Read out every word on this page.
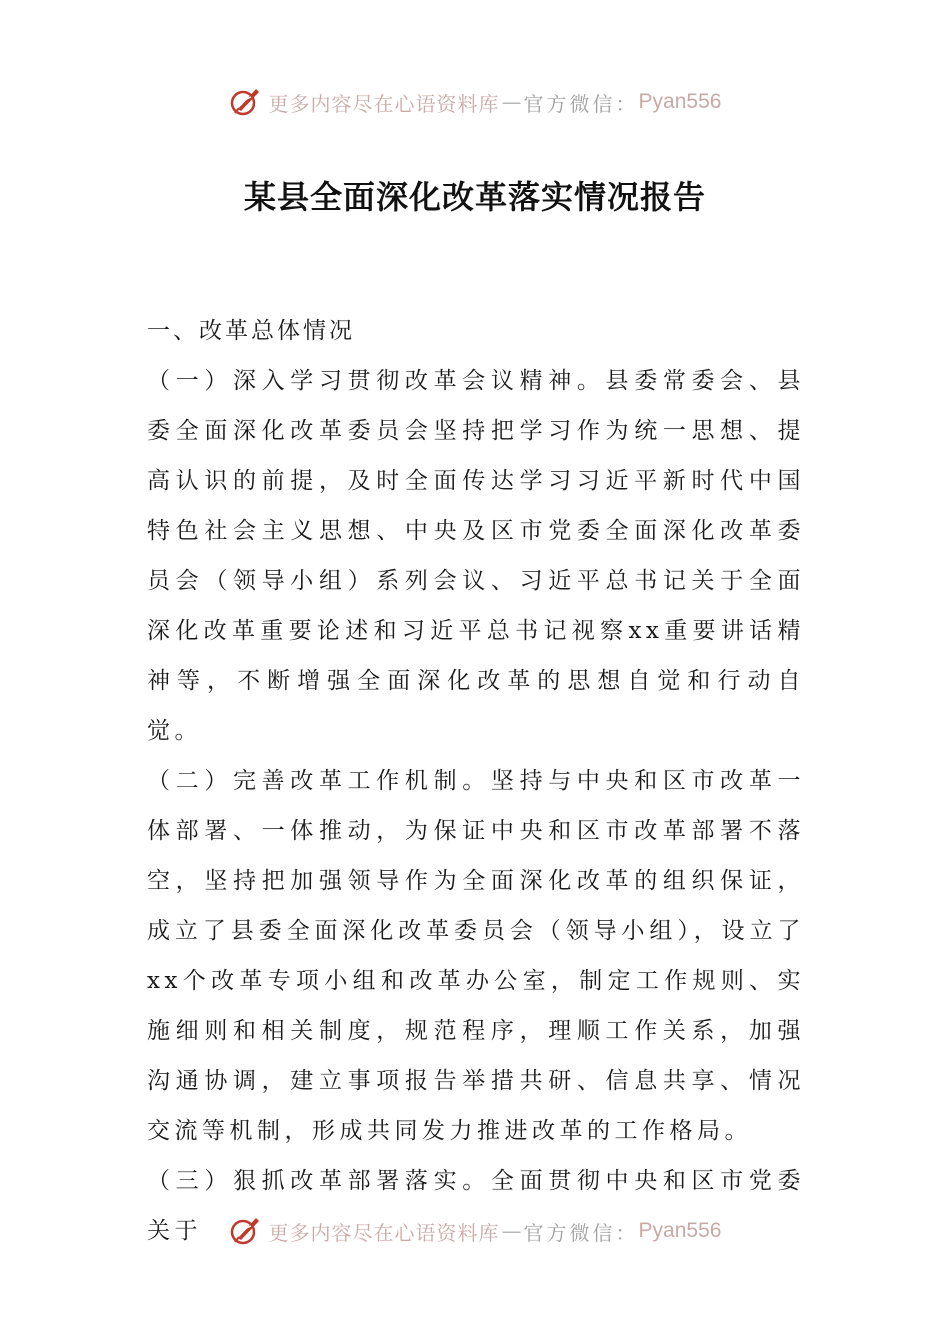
更多内容尽在心语资料库 — 官方微信： Pyan556
某县全面深化改革落实情况报告

一、改革总体情况

（一）深入学习贯彻改革会议精神。县委常委会、县委全面深化改革委员会坚持把学习作为统一思想、提高认识的前提，及时全面传达学习习近平新时代中国特色社会主义思想、中央及区市党委全面深化改革委员会（领导小组）系列会议、习近平总书记关于全面深化改革重要论述和习近平总书记视察xx重要讲话精神等，不断增强全面深化改革的思想自觉和行动自觉。

（二）完善改革工作机制。坚持与中央和区市改革一体部署、一体推动，为保证中央和区市改革部署不落空，坚持把加强领导作为全面深化改革的组织保证，成立了县委全面深化改革委员会（领导小组），设立了xx个改革专项小组和改革办公室，制定工作规则、实施细则和相关制度，规范程序，理顺工作关系，加强沟通协调，建立事项报告举措共研、信息共享、情况交流等机制，形成共同发力推进改革的工作格局。

（三）狠抓改革部署落实。全面贯彻中央和区市党委关于	更多内容尽在心语资料库 — 官方微信： Pyan556
